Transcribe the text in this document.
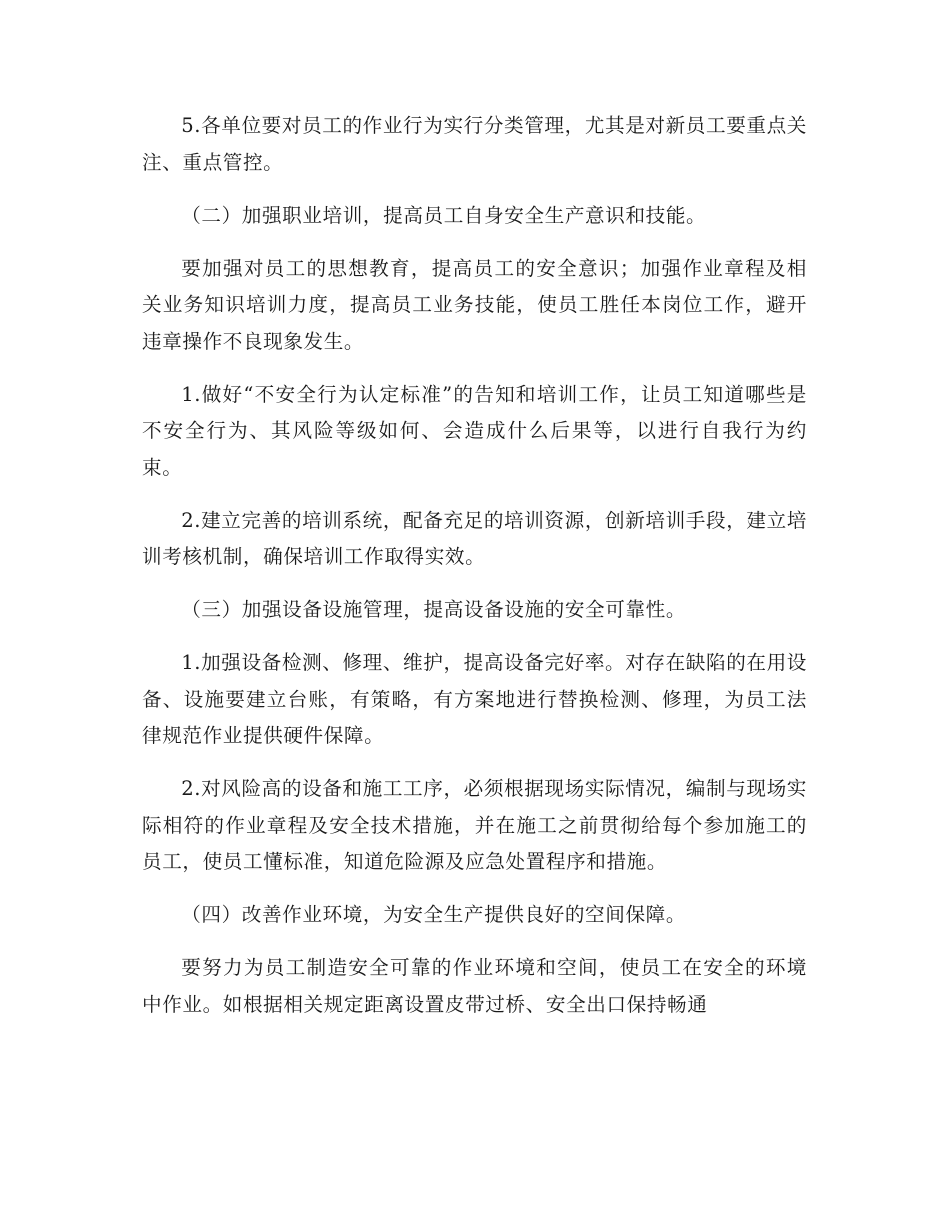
5.各单位要对员工的作业行为实行分类管理，尤其是对新员工要重点关注、重点管控。

（二）加强职业培训，提高员工自身安全生产意识和技能。

要加强对员工的思想教育，提高员工的安全意识；加强作业章程及相关业务知识培训力度，提高员工业务技能，使员工胜任本岗位工作，避开违章操作不良现象发生。

1.做好“不安全行为认定标准”的告知和培训工作，让员工知道哪些是不安全行为、其风险等级如何、会造成什么后果等，以进行自我行为约束。

2.建立完善的培训系统，配备充足的培训资源，创新培训手段，建立培训考核机制，确保培训工作取得实效。

（三）加强设备设施管理，提高设备设施的安全可靠性。

1.加强设备检测、修理、维护，提高设备完好率。对存在缺陷的在用设备、设施要建立台账，有策略，有方案地进行替换检测、修理，为员工法律规范作业提供硬件保障。

2.对风险高的设备和施工工序，必须根据现场实际情况，编制与现场实际相符的作业章程及安全技术措施，并在施工之前贯彻给每个参加施工的员工，使员工懂标准，知道危险源及应急处置程序和措施。

（四）改善作业环境，为安全生产提供良好的空间保障。

要努力为员工制造安全可靠的作业环境和空间，使员工在安全的环境中作业。如根据相关规定距离设置皮带过桥、安全出口保持畅通
